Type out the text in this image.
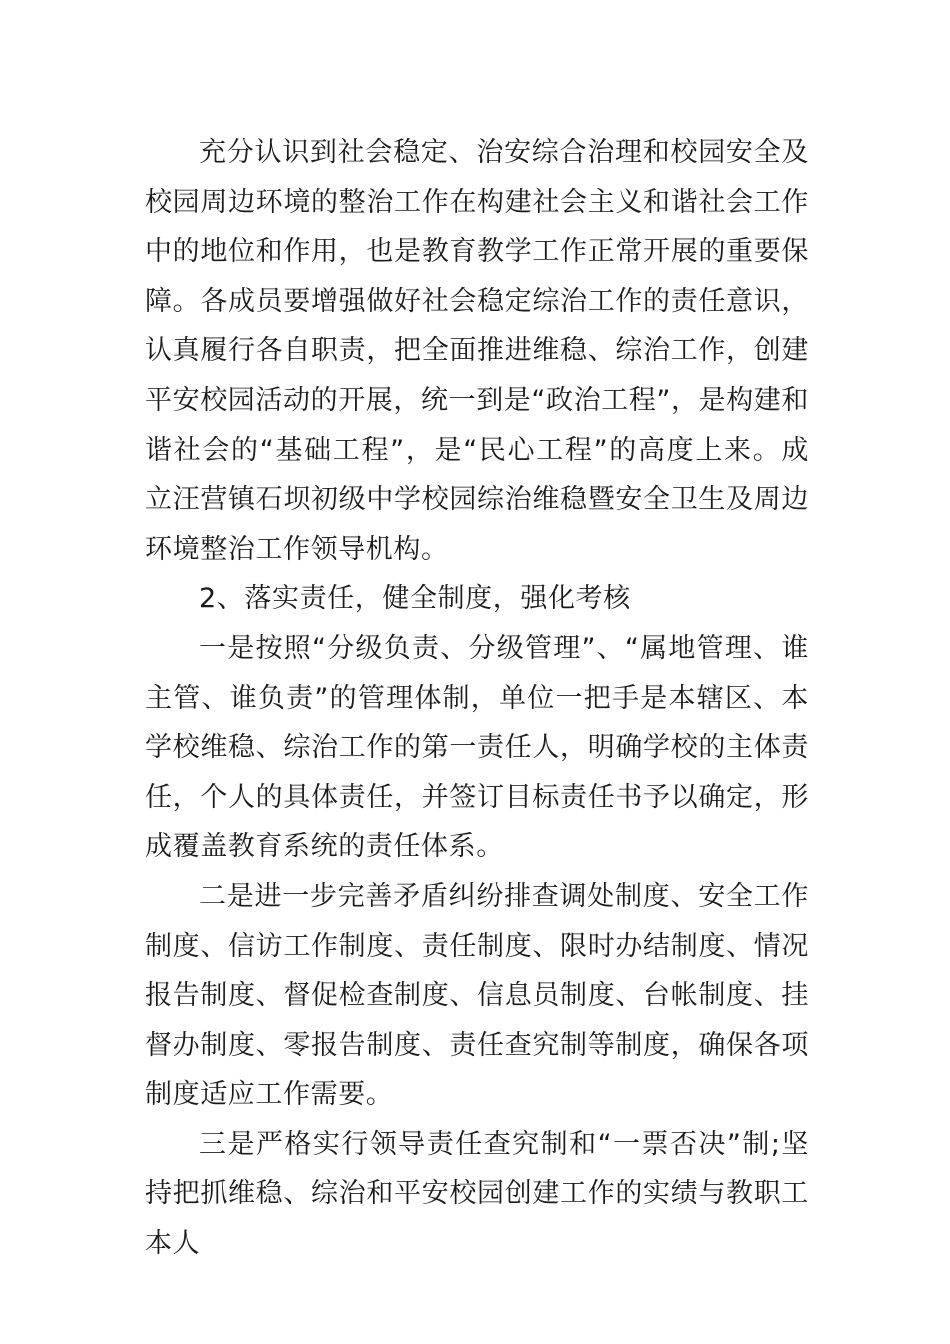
充分认识到社会稳定、治安综合治理和校园安全及校园周边环境的整治工作在构建社会主义和谐社会工作中的地位和作用，也是教育教学工作正常开展的重要保障。各成员要增强做好社会稳定综治工作的责任意识，认真履行各自职责，把全面推进维稳、综治工作，创建平安校园活动的开展，统一到是“政治工程”，是构建和谐社会的“基础工程”，是“民心工程”的高度上来。成立汪营镇石坝初级中学校园综治维稳暨安全卫生及周边环境整治工作领导机构。

2、落实责任，健全制度，强化考核

一是按照“分级负责、分级管理”、“属地管理、谁主管、谁负责”的管理体制，单位一把手是本辖区、本学校维稳、综治工作的第一责任人，明确学校的主体责任，个人的具体责任，并签订目标责任书予以确定，形成覆盖教育系统的责任体系。

二是进一步完善矛盾纠纷排查调处制度、安全工作制度、信访工作制度、责任制度、限时办结制度、情况报告制度、督促检查制度、信息员制度、台帐制度、挂督办制度、零报告制度、责任查究制等制度，确保各项制度适应工作需要。

三是严格实行领导责任查究制和“一票否决”制;坚持把抓维稳、综治和平安校园创建工作的实绩与教职工本人
